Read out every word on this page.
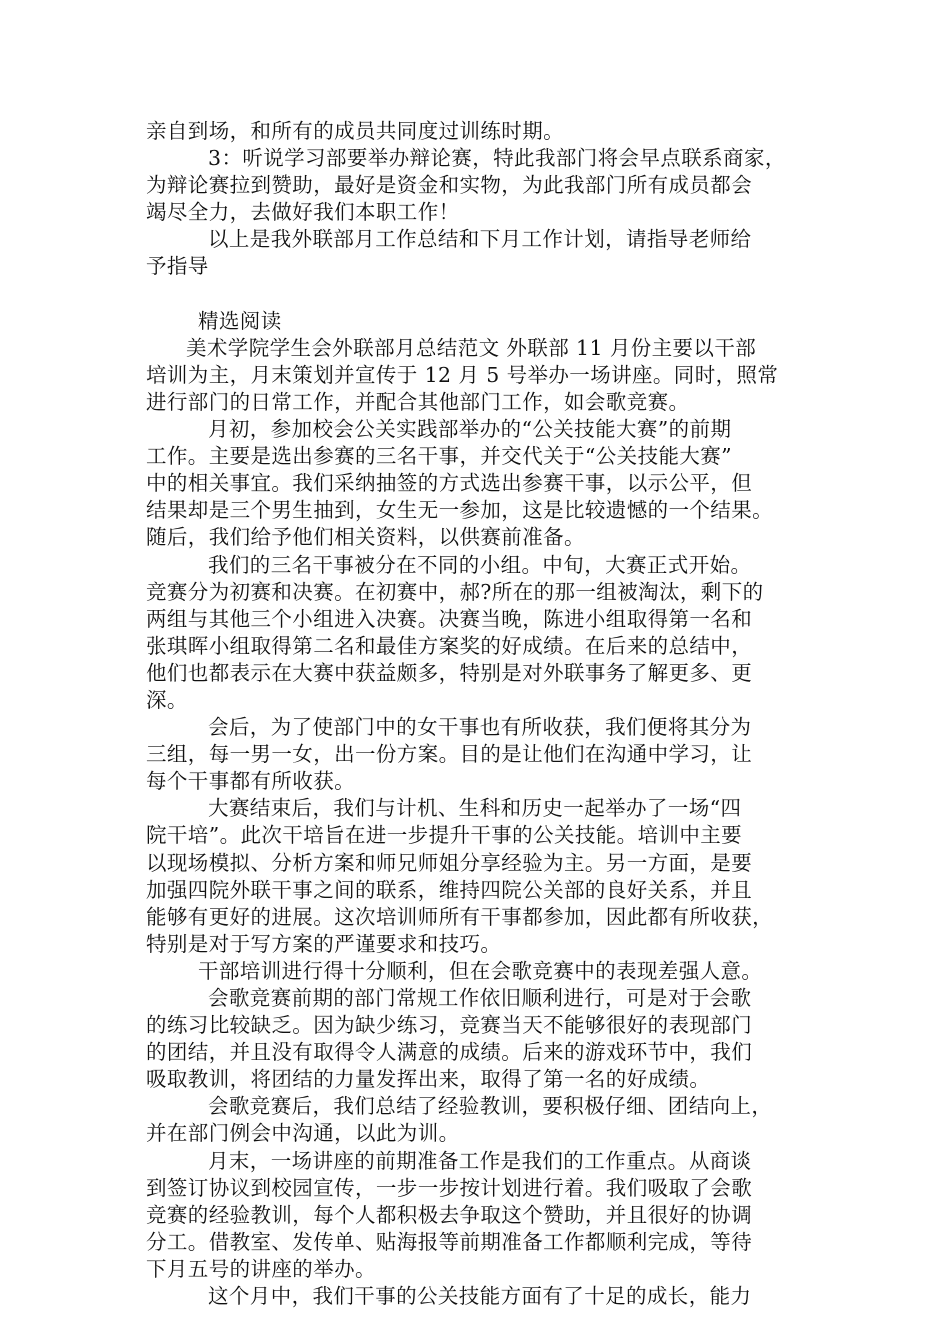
亲自到场，和所有的成员共同度过训练时期。
3：听说学习部要举办辩论赛，特此我部门将会早点联系商家，
为辩论赛拉到赞助，最好是资金和实物，为此我部门所有成员都会
竭尽全力，去做好我们本职工作！
以上是我外联部月工作总结和下月工作计划，请指导老师给
予指导
精选阅读
美术学院学生会外联部月总结范文 外联部 11 月份主要以干部
培训为主，月末策划并宣传于 12 月 5 号举办一场讲座。同时，照常
进行部门的日常工作，并配合其他部门工作，如会歌竞赛。
月初，参加校会公关实践部举办的“公关技能大赛”的前期
工作。主要是选出参赛的三名干事，并交代关于“公关技能大赛”
中的相关事宜。我们采纳抽签的方式选出参赛干事，以示公平，但
结果却是三个男生抽到，女生无一参加，这是比较遗憾的一个结果。
随后，我们给予他们相关资料，以供赛前准备。
我们的三名干事被分在不同的小组。中旬，大赛正式开始。
竞赛分为初赛和决赛。在初赛中，郝?所在的那一组被淘汰，剩下的
两组与其他三个小组进入决赛。决赛当晚，陈进小组取得第一名和
张琪晖小组取得第二名和最佳方案奖的好成绩。在后来的总结中，
他们也都表示在大赛中获益颇多，特别是对外联事务了解更多、更
深。
会后，为了使部门中的女干事也有所收获，我们便将其分为
三组，每一男一女，出一份方案。目的是让他们在沟通中学习，让
每个干事都有所收获。
大赛结束后，我们与计机、生科和历史一起举办了一场“四
院干培”。此次干培旨在进一步提升干事的公关技能。培训中主要
以现场模拟、分析方案和师兄师姐分享经验为主。另一方面，是要
加强四院外联干事之间的联系，维持四院公关部的良好关系，并且
能够有更好的进展。这次培训师所有干事都参加，因此都有所收获，
特别是对于写方案的严谨要求和技巧。
干部培训进行得十分顺利，但在会歌竞赛中的表现差强人意。
会歌竞赛前期的部门常规工作依旧顺利进行，可是对于会歌
的练习比较缺乏。因为缺少练习，竞赛当天不能够很好的表现部门
的团结，并且没有取得令人满意的成绩。后来的游戏环节中，我们
吸取教训，将团结的力量发挥出来，取得了第一名的好成绩。
会歌竞赛后，我们总结了经验教训，要积极仔细、团结向上，
并在部门例会中沟通，以此为训。
月末，一场讲座的前期准备工作是我们的工作重点。从商谈
到签订协议到校园宣传，一步一步按计划进行着。我们吸取了会歌
竞赛的经验教训，每个人都积极去争取这个赞助，并且很好的协调
分工。借教室、发传单、贴海报等前期准备工作都顺利完成，等待
下月五号的讲座的举办。
这个月中，我们干事的公关技能方面有了十足的成长，能力
